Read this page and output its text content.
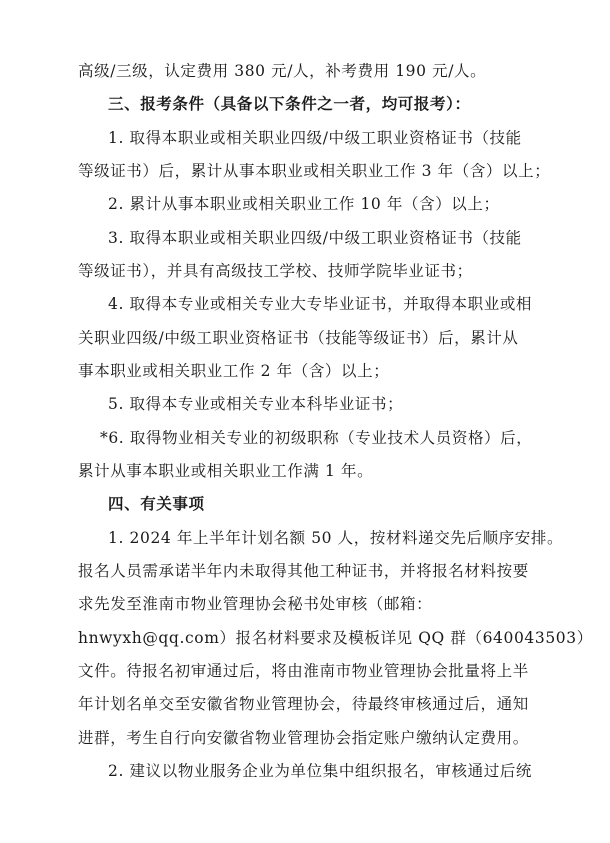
高级/三级，认定费用 380 元/人，补考费用 190 元/人。
三、报考条件（具备以下条件之一者，均可报考）：
1. 取得本职业或相关职业四级/中级工职业资格证书（技能
等级证书）后，累计从事本职业或相关职业工作 3 年（含）以上；
2. 累计从事本职业或相关职业工作 10 年（含）以上；
3. 取得本职业或相关职业四级/中级工职业资格证书（技能
等级证书），并具有高级技工学校、技师学院毕业证书；
4. 取得本专业或相关专业大专毕业证书，并取得本职业或相
关职业四级/中级工职业资格证书（技能等级证书）后，累计从
事本职业或相关职业工作 2 年（含）以上；
5. 取得本专业或相关专业本科毕业证书；
*6. 取得物业相关专业的初级职称（专业技术人员资格）后，
累计从事本职业或相关职业工作满 1 年。
四、有关事项
1. 2024 年上半年计划名额 50 人，按材料递交先后顺序安排。
报名人员需承诺半年内未取得其他工种证书，并将报名材料按要
求先发至淮南市物业管理协会秘书处审核（邮箱：
hnwyxh@qq.com）报名材料要求及模板详见 QQ 群（640043503）
文件。待报名初审通过后，将由淮南市物业管理协会批量将上半
年计划名单交至安徽省物业管理协会，待最终审核通过后，通知
进群，考生自行向安徽省物业管理协会指定账户缴纳认定费用。
2. 建议以物业服务企业为单位集中组织报名，审核通过后统
